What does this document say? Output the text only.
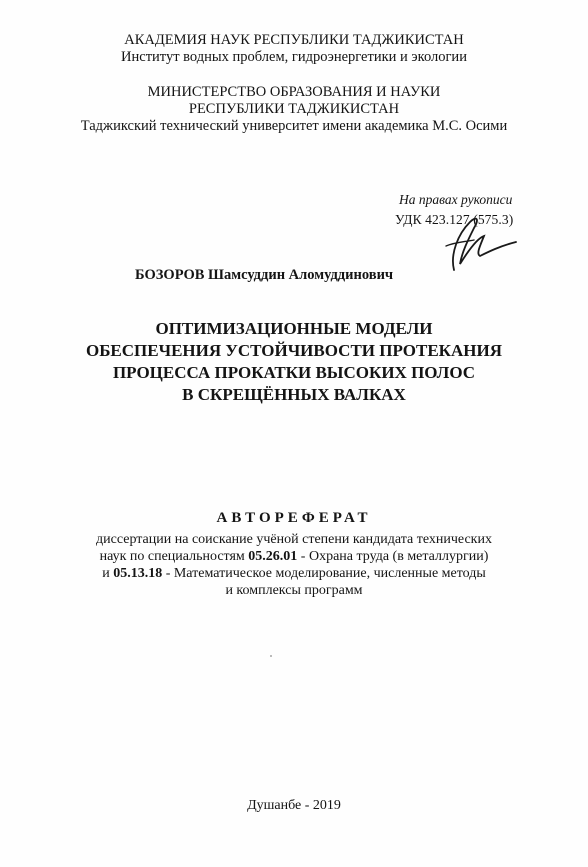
АКАДЕМИЯ НАУК РЕСПУБЛИКИ ТАДЖИКИСТАН
Институт водных проблем, гидроэнергетики и экологии
МИНИСТЕРСТВО ОБРАЗОВАНИЯ И НАУКИ
РЕСПУБЛИКИ ТАДЖИКИСТАН
Таджикский технический университет имени академика М.С. Осими
На правах рукописи
УДК 423.127 (575.3)
БОЗОРОВ Шамсуддин Аломуддинович
ОПТИМИЗАЦИОННЫЕ МОДЕЛИ
ОБЕСПЕЧЕНИЯ УСТОЙЧИВОСТИ ПРОТЕКАНИЯ
ПРОЦЕССА ПРОКАТКИ ВЫСОКИХ ПОЛОС
В СКРЕЩЁННЫХ ВАЛКАХ
АВТОРЕФЕРАТ
диссертации на соискание учёной степени кандидата технических
наук по специальностям 05.26.01 - Охрана труда (в металлургии)
и 05.13.18 - Математическое моделирование, численные методы
и комплексы программ
Душанбе - 2019
